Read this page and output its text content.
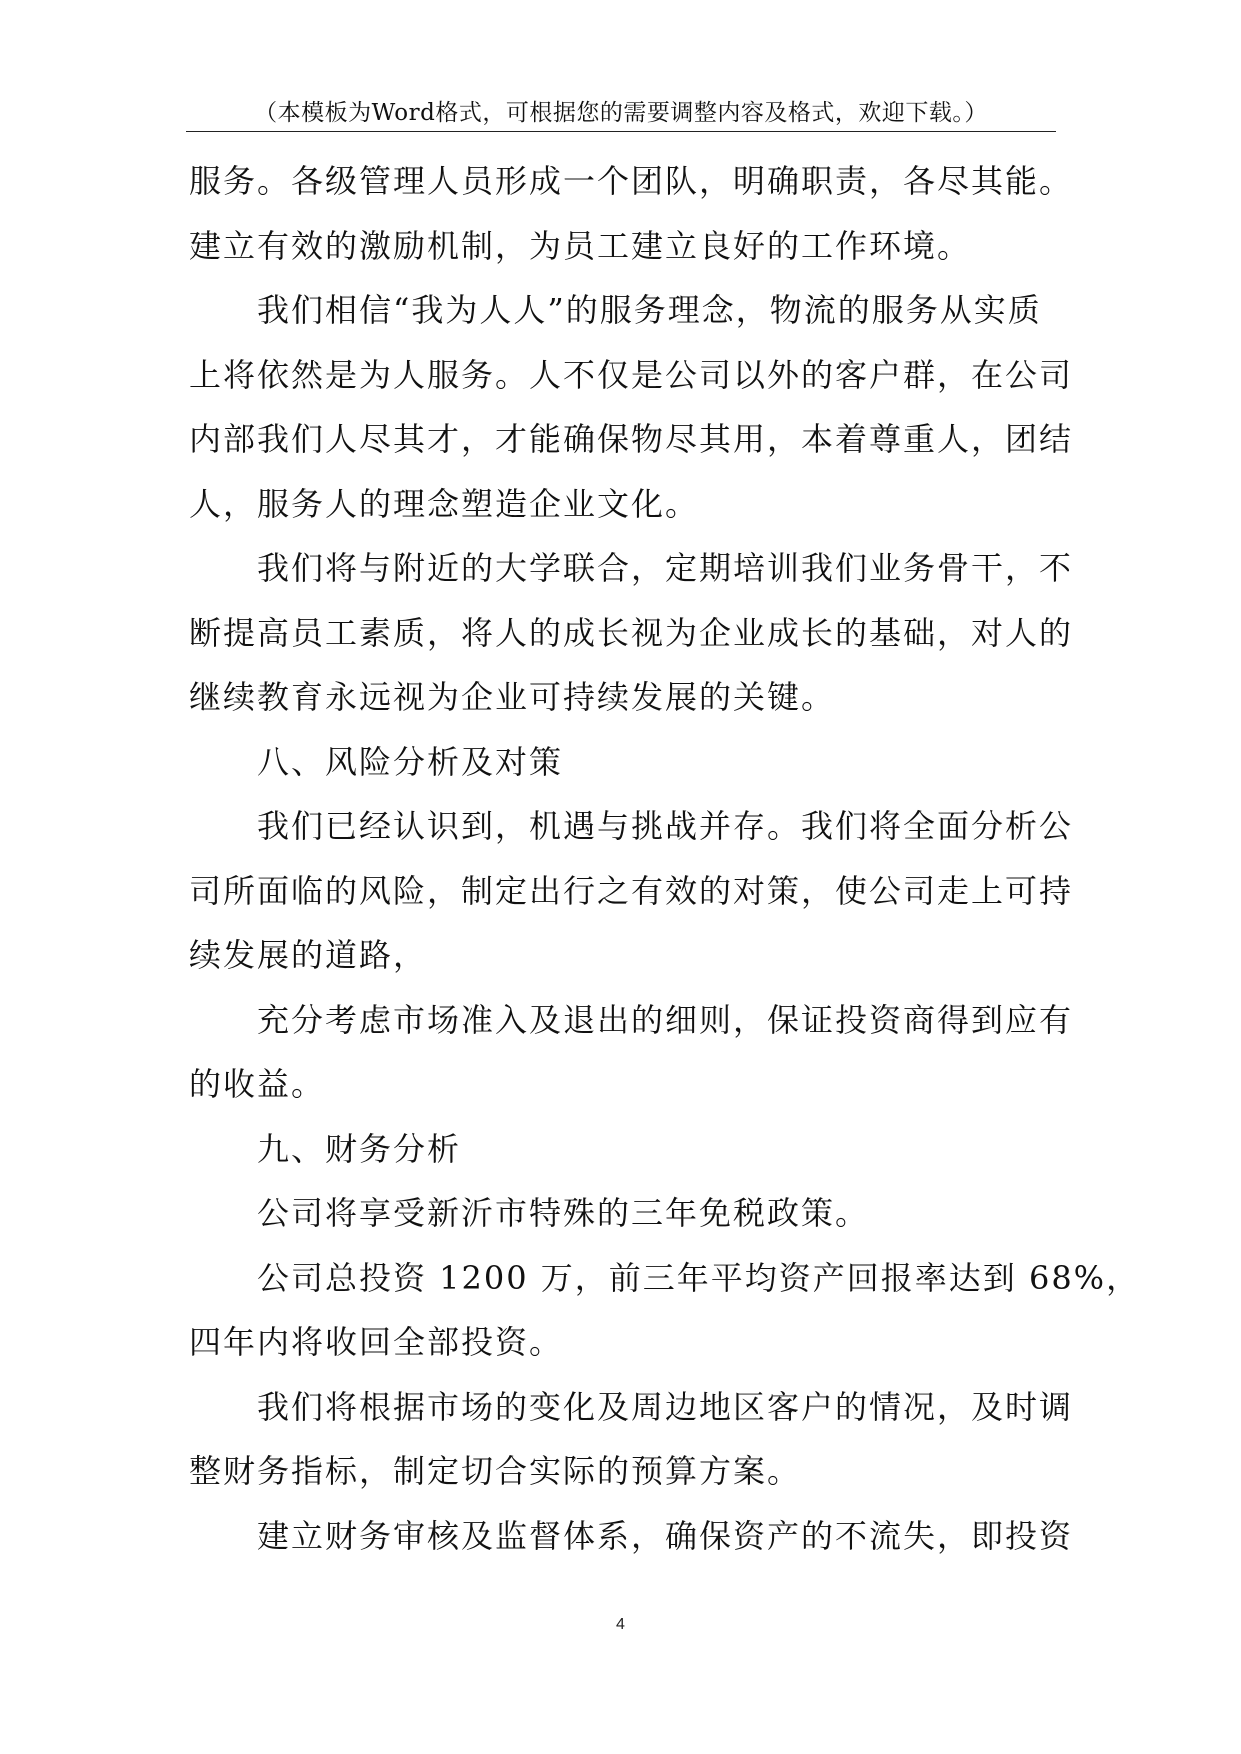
（本模板为Word格式，可根据您的需要调整内容及格式，欢迎下载。）

服务。各级管理人员形成一个团队，明确职责，各尽其能。

建立有效的激励机制，为员工建立良好的工作环境。

　　我们相信“我为人人”的服务理念，物流的服务从实质

上将依然是为人服务。人不仅是公司以外的客户群，在公司

内部我们人尽其才，才能确保物尽其用，本着尊重人，团结

人，服务人的理念塑造企业文化。

　　我们将与附近的大学联合，定期培训我们业务骨干，不

断提高员工素质，将人的成长视为企业成长的基础，对人的

继续教育永远视为企业可持续发展的关键。

　　八、风险分析及对策

　　我们已经认识到，机遇与挑战并存。我们将全面分析公

司所面临的风险，制定出行之有效的对策，使公司走上可持

续发展的道路，

　　充分考虑市场准入及退出的细则，保证投资商得到应有

的收益。

　　九、财务分析

　　公司将享受新沂市特殊的三年免税政策。

　　公司总投资 1200 万，前三年平均资产回报率达到 68%，

四年内将收回全部投资。

　　我们将根据市场的变化及周边地区客户的情况，及时调

整财务指标，制定切合实际的预算方案。

　　建立财务审核及监督体系，确保资产的不流失，即投资

4
